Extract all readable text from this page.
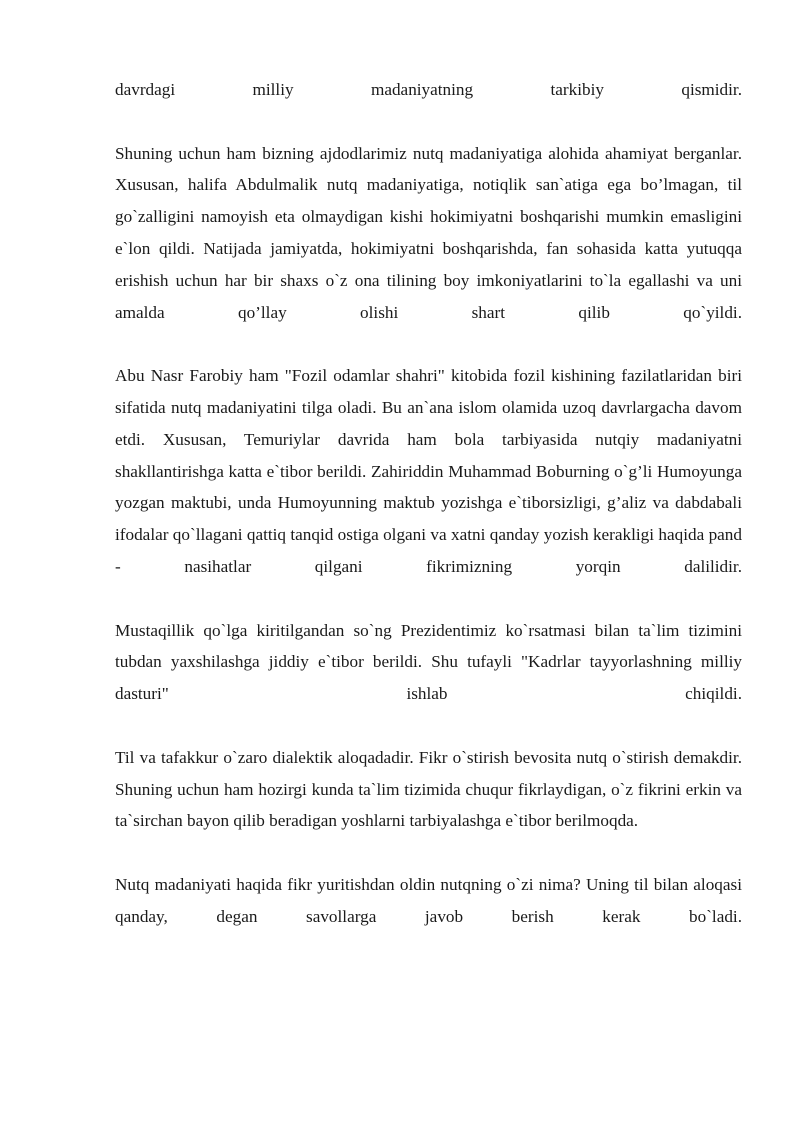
davrdagi milliy madaniyatning tarkibiy qismidir.

Shuning uchun ham bizning ajdodlarimiz nutq madaniyatiga alohida ahamiyat berganlar. Xususan, halifa Abdulmalik nutq madaniyatiga, notiqlik san`atiga ega bo’lmagan, til go`zalligini namoyish eta olmaydigan kishi hokimiyatni boshqarishi mumkin emasligini e`lon qildi. Natijada jamiyatda, hokimiyatni boshqarishda, fan sohasida katta yutuqqa erishish uchun har bir shaxs o`z ona tilining boy imkoniyatlarini to`la egallashi va uni amalda qo’llay olishi shart qilib qo`yildi.

Abu Nasr Farobiy ham "Fozil odamlar shahri" kitobida fozil kishining fazilatlaridan biri sifatida nutq madaniyatini tilga oladi. Bu an`ana islom olamida uzoq davrlargacha davom etdi. Xususan, Temuriylar davrida ham bola tarbiyasida nutqiy madaniyatni shakllantirishga katta e`tibor berildi. Zahiriddin Muhammad Boburning o`g’li Humoyunga yozgan maktubi, unda Humoyunning maktub yozishga e`tiborsizligi, g’aliz va dabdabali ifodalar qo`llagani qattiq tanqid ostiga olgani va xatni qanday yozish kerakligi haqida pand - nasihatlar qilgani fikrimizning yorqin dalilidir.

Mustaqillik qo`lga kiritilgandan so`ng Prezidentimiz ko`rsatmasi bilan ta`lim tizimini tubdan yaxshilashga jiddiy e`tibor berildi. Shu tufayli "Kadrlar tayyorlashning milliy dasturi" ishlab chiqildi.

Til va tafakkur o`zaro dialektik aloqadadir. Fikr o`stirish bevosita nutq o`stirish demakdir. Shuning uchun ham hozirgi kunda ta`lim tizimida chuqur fikrlaydigan, o`z fikrini erkin va ta`sirchan bayon qilib beradigan yoshlarni tarbiyalashga e`tibor berilmoqda.

Nutq madaniyati haqida fikr yuritishdan oldin nutqning o`zi nima? Uning til bilan aloqasi qanday, degan savollarga javob berish kerak bo`ladi.
